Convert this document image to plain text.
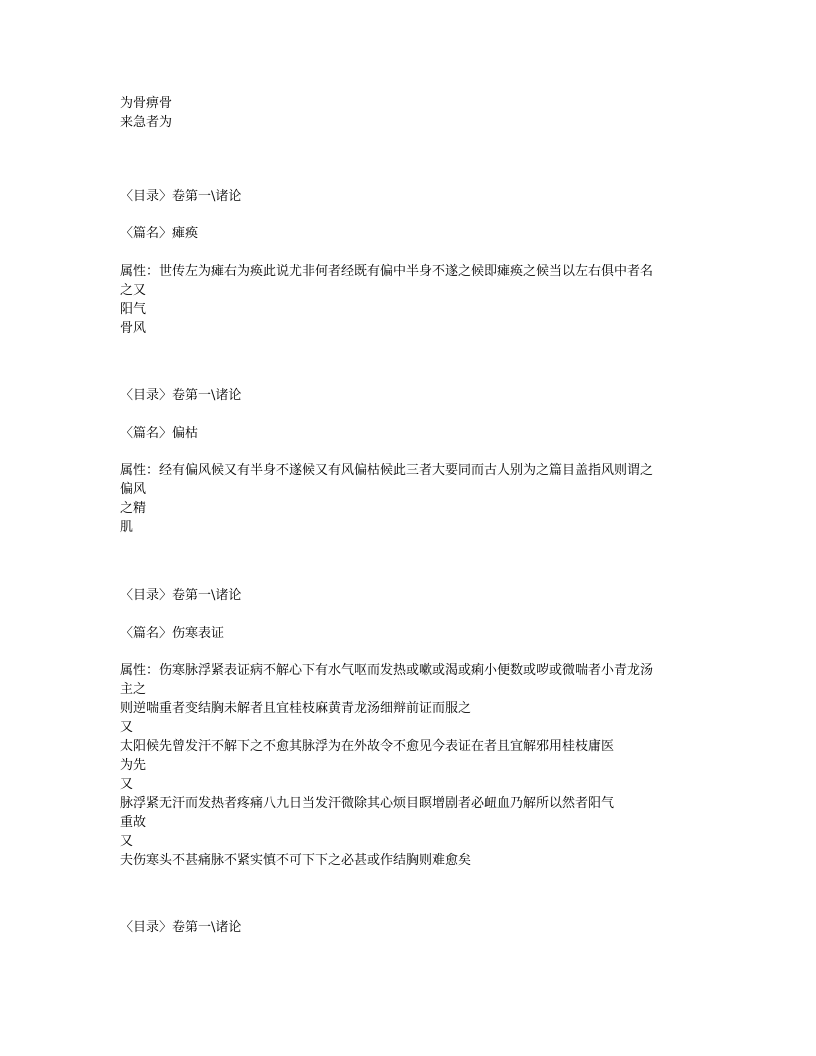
为骨痹骨
来急者为
〈目录〉卷第一\诸论
〈篇名〉瘫痪
属性：世传左为瘫右为痪此说尤非何者经既有偏中半身不遂之候即瘫痪之候当以左右俱中者名
之又
阳气
骨风
〈目录〉卷第一\诸论
〈篇名〉偏枯
属性：经有偏风候又有半身不遂候又有风偏枯候此三者大要同而古人别为之篇目盖指风则谓之
偏风
之精
肌
〈目录〉卷第一\诸论
〈篇名〉伤寒表证
属性：伤寒脉浮紧表证病不解心下有水气呕而发热或嗽或渴或痢小便数或哕或微喘者小青龙汤
主之
则逆喘重者变结胸未解者且宜桂枝麻黄青龙汤细辩前证而服之
又
太阳候先曾发汗不解下之不愈其脉浮为在外故令不愈见今表证在者且宜解邪用桂枝庸医
为先
又
脉浮紧无汗而发热者疼痛八九日当发汗微除其心烦目瞑增剧者必衄血乃解所以然者阳气
重故
又
夫伤寒头不甚痛脉不紧实慎不可下下之必甚或作结胸则难愈矣
〈目录〉卷第一\诸论
